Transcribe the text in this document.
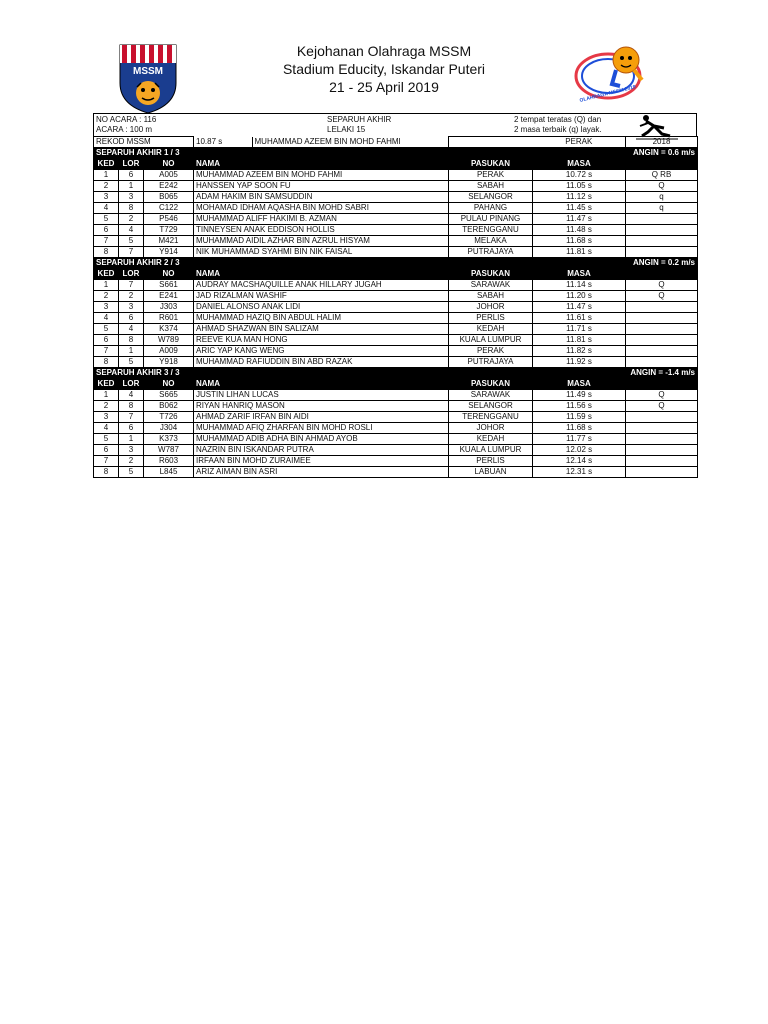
MSSM
Kejohanan Olahraga MSSM
Stadium Educity, Iskandar Puteri
21 - 25 April 2019	OLAHRAGA MSSM 2019
NO ACARA : 116
ACARA : 100 m
SEPARUH AKHIR
LELAKI 15
2 tempat teratas (Q) dan
2 masa terbaik (q) layak.
REKOD MSSM		10.87 s	MUHAMMAD AZEEM BIN MOHD FAHMI
			PERAK	2018
SEPARUH AKHIR 1 / 3	ANGIN = 0.6 m/s

KED	LOR	NO	NAMA	PASUKAN	MASA	
1	6	A005	MUHAMMAD AZEEM BIN MOHD FAHMI	PERAK	10.72 s	Q RB
2	1	E242	HANSSEN YAP SOON FU	SABAH	11.05 s	Q
3	3	B065	ADAM HAKIM BIN SAMSUDDIN	SELANGOR	11.12 s	q
4	8	C122	MOHAMAD IDHAM AQASHA BIN MOHD SABRI	PAHANG	11.45 s	q
5	2	P546	MUHAMMAD ALIFF HAKIMI B. AZMAN	PULAU PINANG	11.47 s	
6	4	T729	TINNEYSEN ANAK EDDISON HOLLIS	TERENGGANU	11.48 s	
7	5	M421	MUHAMMAD AIDIL AZHAR BIN AZRUL HISYAM	MELAKA	11.68 s	
8	7	Y914	NIK MUHAMMAD SYAHMI BIN NIK FAISAL	PUTRAJAYA	11.81 s	
SEPARUH AKHIR 2 / 3	ANGIN = 0.2 m/s

KED	LOR	NO	NAMA	PASUKAN	MASA	
1	7	S661	AUDRAY MACSHAQUILLE ANAK HILLARY JUGAH	SARAWAK	11.14 s	Q
2	2	E241	JAD RIZALMAN WASHIF	SABAH	11.20 s	Q
3	3	J303	DANIEL ALONSO ANAK LIDI	JOHOR	11.47 s	
4	6	R601	MUHAMMAD HAZIQ BIN ABDUL HALIM	PERLIS	11.61 s	
5	4	K374	AHMAD SHAZWAN BIN SALIZAM	KEDAH	11.71 s	
6	8	W789	REEVE KUA MAN HONG	KUALA LUMPUR	11.81 s	
7	1	A009	ARIC YAP KANG WENG	PERAK	11.82 s	
8	5	Y918	MUHAMMAD RAFIUDDIN BIN ABD RAZAK	PUTRAJAYA	11.92 s	
SEPARUH AKHIR 3 / 3	ANGIN = -1.4 m/s

KED	LOR	NO	NAMA	PASUKAN	MASA	
1	4	S665	JUSTIN LIHAN LUCAS	SARAWAK	11.49 s	Q
2	8	B062	RIYAN HANRIQ MASON	SELANGOR	11.56 s	Q
3	7	T726	AHMAD ZARIF IRFAN BIN AIDI	TERENGGANU	11.59 s	
4	6	J304	MUHAMMAD AFIQ ZHARFAN BIN MOHD ROSLI	JOHOR	11.68 s	
5	1	K373	MUHAMMAD ADIB ADHA BIN AHMAD AYOB	KEDAH	11.77 s	
6	3	W787	NAZRIN BIN ISKANDAR PUTRA	KUALA LUMPUR	12.02 s	
7	2	R603	IRFAAN BIN MOHD ZURAIMEE	PERLIS	12.14 s	
8	5	L845	ARIZ AIMAN BIN ASRI	LABUAN	12.31 s	
